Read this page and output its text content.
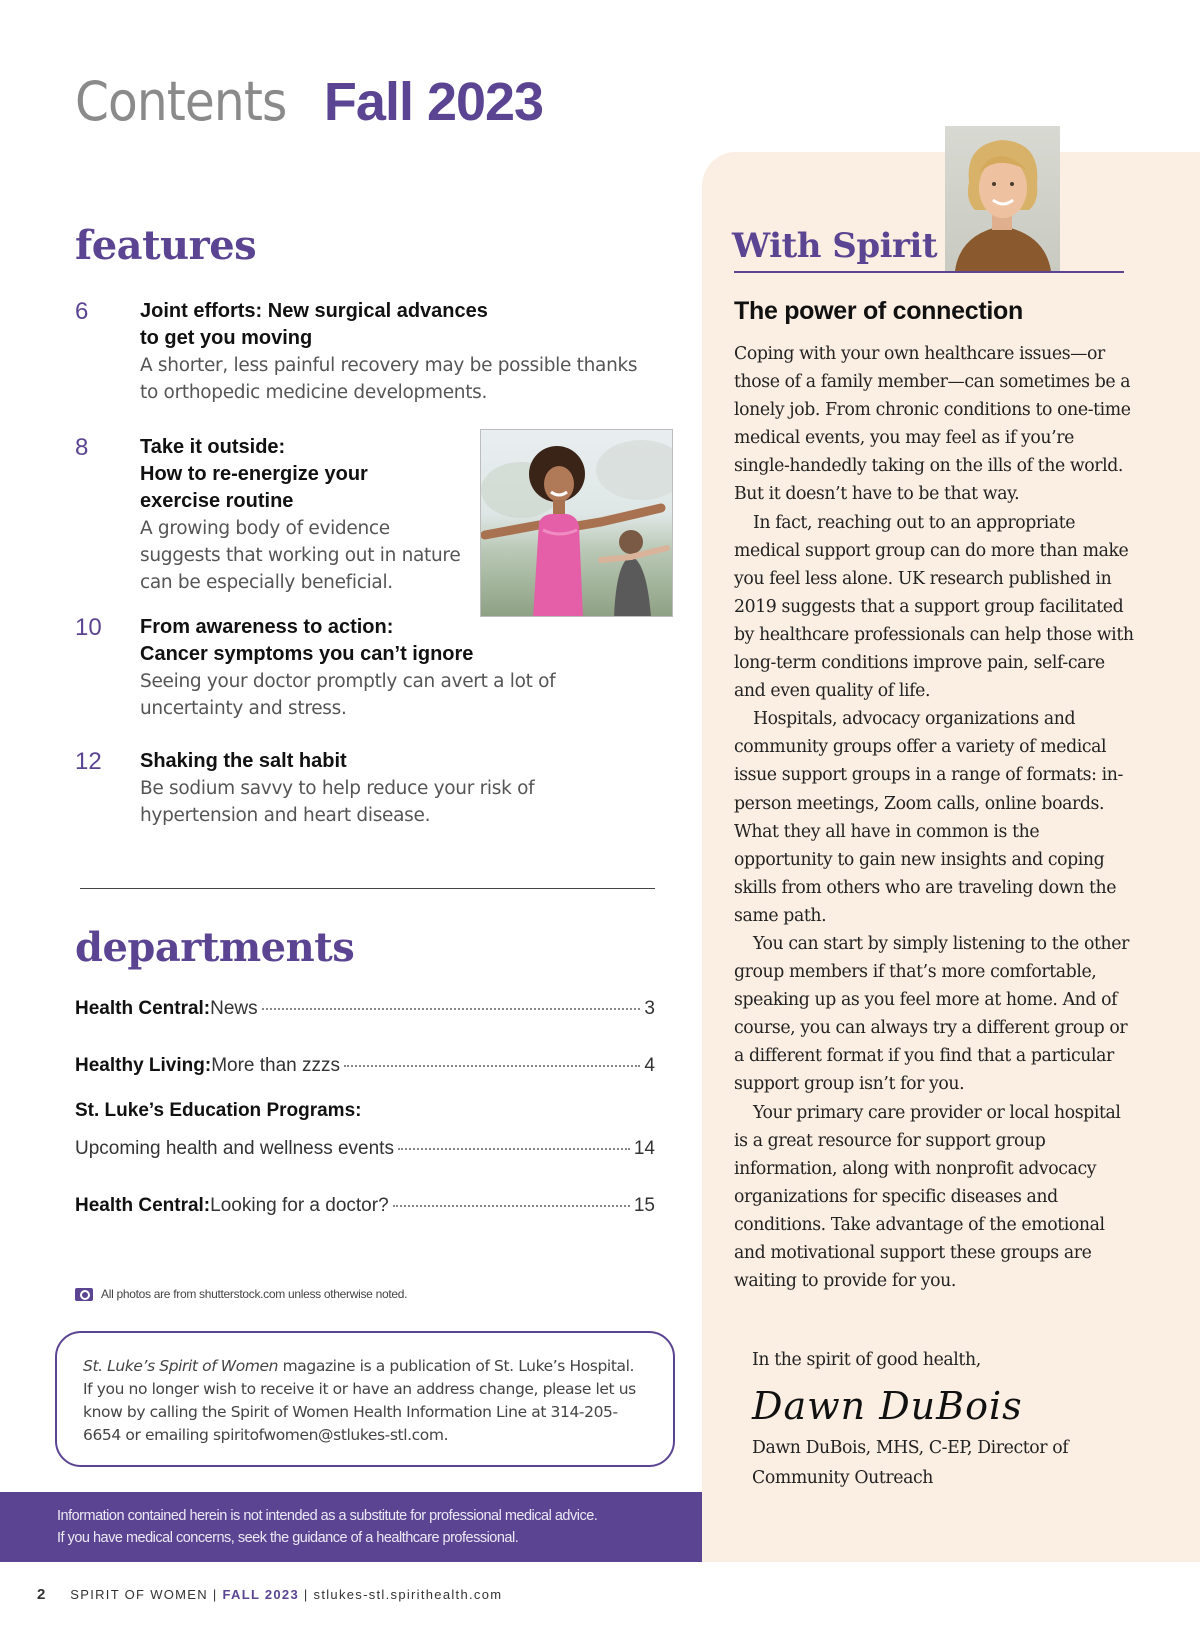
Contents Fall 2023
features
6	Joint efforts: New surgical advances
to get you moving
A shorter, less painful recovery may be possible thanks to orthopedic medicine developments.
8	Take it outside:
How to re-energize your
exercise routine
A growing body of evidence suggests that working out in nature can be especially beneficial.
10 From awareness to action:
Cancer symptoms you can’t ignore
Seeing your doctor promptly can avert a lot of uncertainty and stress.
12 Shaking the salt habit
Be sodium savvy to help reduce your risk of hypertension and heart disease.
departments
Health Central: News	3
Healthy Living: More than zzzs	4
St. Luke’s Education Programs:
Upcoming health and wellness events	14
Health Central: Looking for a doctor?	15
All photos are from shutterstock.com unless otherwise noted.
St. Luke’s Spirit of Women magazine is a publication of St. Luke’s Hospital.
If you no longer wish to receive it or have an address change, please let us know by calling the Spirit of Women Health Information Line at 314-205-6654 or emailing spiritofwomen@stlukes-stl.com.
Information contained herein is not intended as a substitute for professional medical advice.
If you have medical concerns, seek the guidance of a healthcare professional.
2 SPIRIT OF WOMEN | FALL 2023 | stlukes-stl.spirithealth.com
With Spirit
The power of connection

Coping with your own healthcare issues—or those of a family member—can sometimes be a lonely job. From chronic conditions to one-time medical events, you may feel as if you’re single-handedly taking on the ills of the world. But it doesn’t have to be that way.

In fact, reaching out to an appropriate medical support group can do more than make you feel less alone. UK research published in 2019 suggests that a support group facilitated by healthcare professionals can help those with long-term conditions improve pain, self-care and even quality of life.

Hospitals, advocacy organizations and community groups offer a variety of medical issue support groups in a range of formats: in-person meetings, Zoom calls, online boards. What they all have in common is the opportunity to gain new insights and coping skills from others who are traveling down the same path.

You can start by simply listening to the other group members if that’s more comfortable, speaking up as you feel more at home. And of course, you can always try a different group or a different format if you find that a particular support group isn’t for you.

Your primary care provider or local hospital is a great resource for support group information, along with nonprofit advocacy organizations for specific diseases and conditions. Take advantage of the emotional and motivational support these groups are waiting to provide for you.

In the spirit of good health,
Dawn DuBois
Dawn DuBois, MHS, C-EP, Director of Community Outreach
